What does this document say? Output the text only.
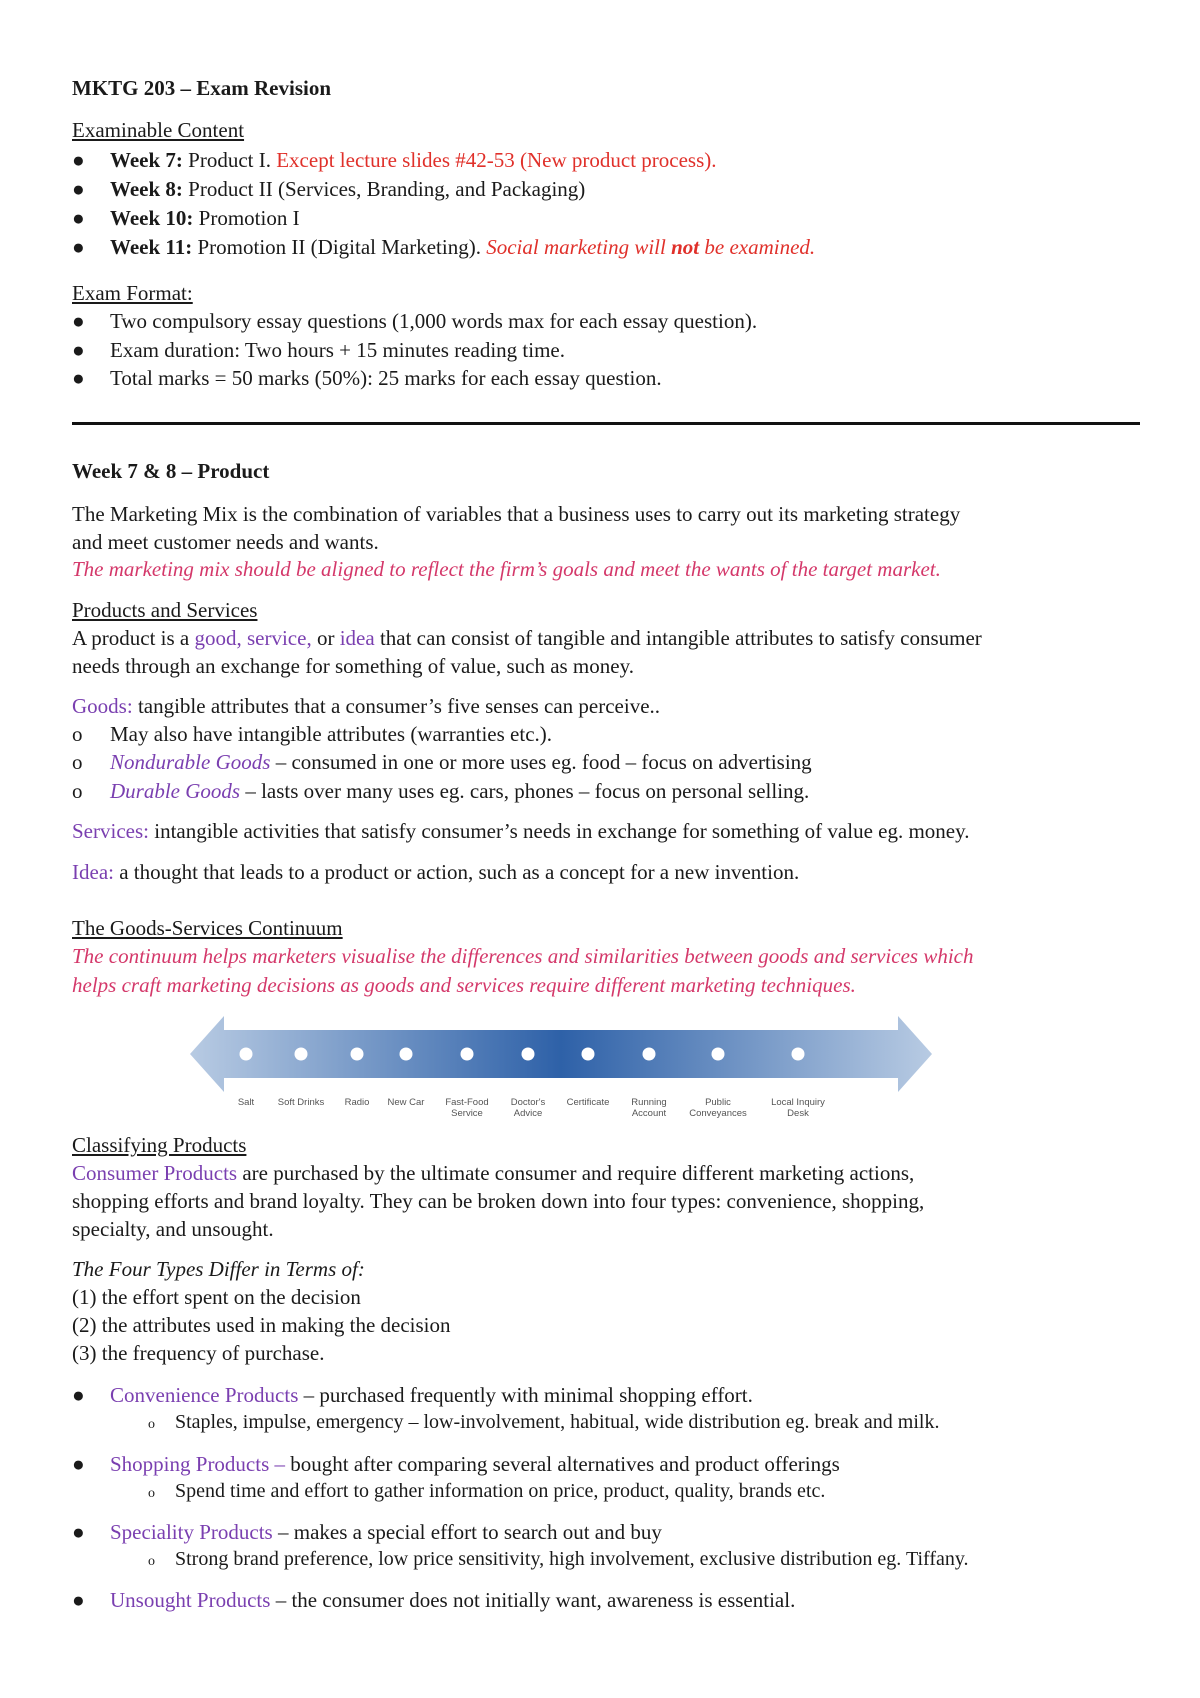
MKTG 203 – Exam Revision
Examinable Content
● Week 7: Product I. Except lecture slides #42-53 (New product process).
● Week 8: Product II (Services, Branding, and Packaging)
● Week 10: Promotion I
● Week 11: Promotion II (Digital Marketing). Social marketing will not be examined.
Exam Format:
● Two compulsory essay questions (1,000 words max for each essay question).
● Exam duration: Two hours + 15 minutes reading time.
● Total marks = 50 marks (50%): 25 marks for each essay question.
Week 7 & 8 – Product
The Marketing Mix is the combination of variables that a business uses to carry out its marketing strategy
and meet customer needs and wants.
The marketing mix should be aligned to reflect the firm’s goals and meet the wants of the target market.
Products and Services
A product is a good, service, or idea that can consist of tangible and intangible attributes to satisfy consumer
needs through an exchange for something of value, such as money.
Goods: tangible attributes that a consumer’s five senses can perceive..
o May also have intangible attributes (warranties etc.).
o Nondurable Goods – consumed in one or more uses eg. food – focus on advertising
o Durable Goods – lasts over many uses eg. cars, phones – focus on personal selling.
Services: intangible activities that satisfy consumer’s needs in exchange for something of value eg. money.
Idea: a thought that leads to a product or action, such as a concept for a new invention.
The Goods-Services Continuum
The continuum helps marketers visualise the differences and similarities between goods and services which
helps craft marketing decisions as goods and services require different marketing techniques.
Salt Soft Drinks Radio New Car Fast-Food Service
Doctor's Advice
Certificate Running Account
Public Conveyances
Local Inquiry Desk
Classifying Products
Consumer Products are purchased by the ultimate consumer and require different marketing actions,
shopping efforts and brand loyalty. They can be broken down into four types: convenience, shopping,
specialty, and unsought.
The Four Types Differ in Terms of:
(1) the effort spent on the decision
(2) the attributes used in making the decision
(3) the frequency of purchase.
● Convenience Products – purchased frequently with minimal shopping effort.
o Staples, impulse, emergency – low-involvement, habitual, wide distribution eg. break and milk.
● Shopping Products – bought after comparing several alternatives and product offerings
o Spend time and effort to gather information on price, product, quality, brands etc.
● Speciality Products – makes a special effort to search out and buy
o Strong brand preference, low price sensitivity, high involvement, exclusive distribution eg. Tiffany.
● Unsought Products – the consumer does not initially want, awareness is essential.
